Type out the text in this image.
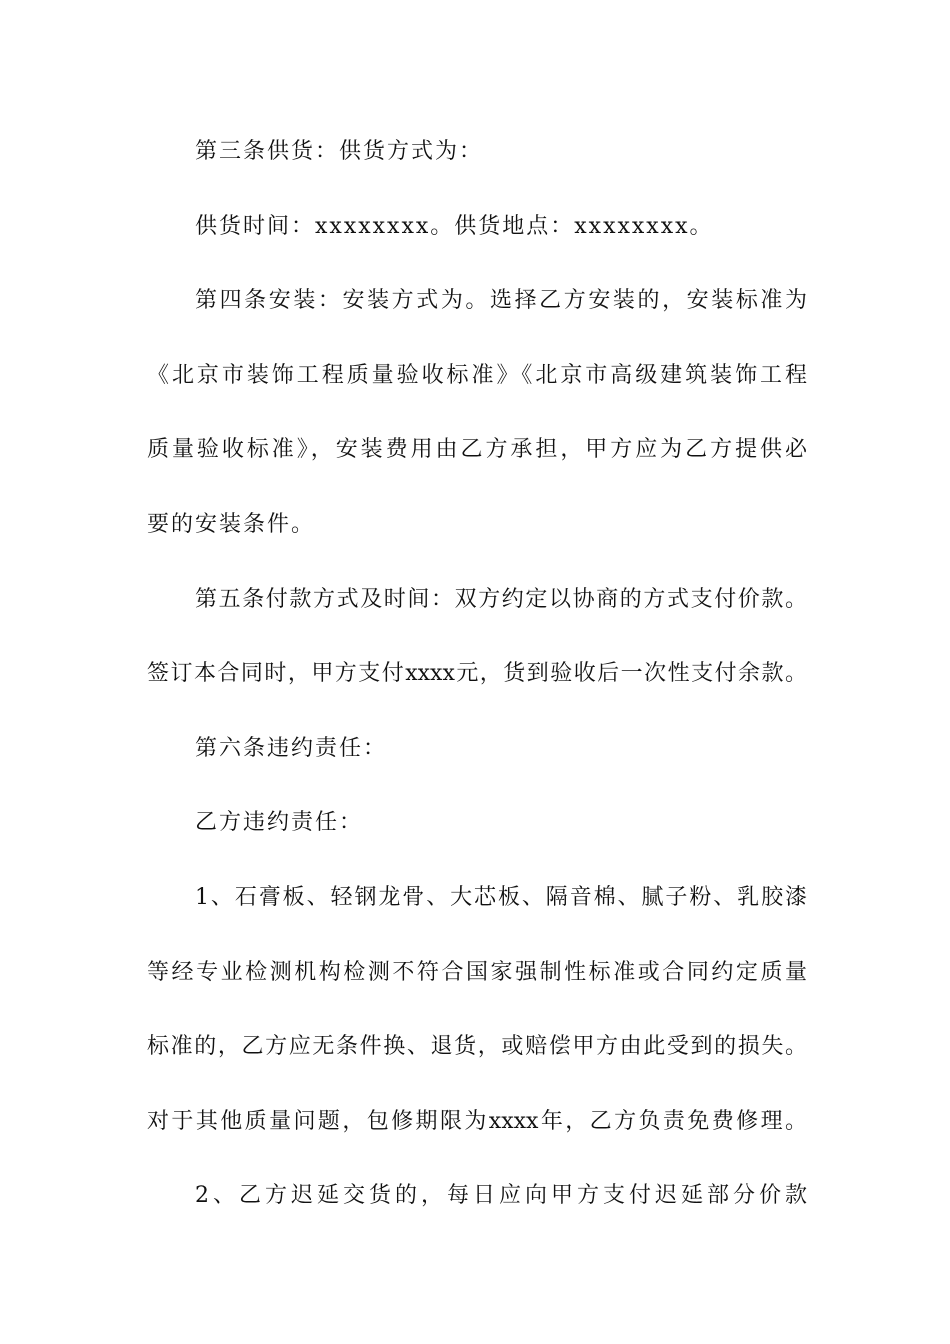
第三条供货：供货方式为：
供货时间：xxxxxxxx。供货地点：xxxxxxxx。
第四条安装：安装方式为。选择乙方安装的，安装标准为
《北京市装饰工程质量验收标准》《北京市高级建筑装饰工程
质量验收标准》，安装费用由乙方承担，甲方应为乙方提供必
要的安装条件。
第五条付款方式及时间：双方约定以协商的方式支付价款。
签订本合同时，甲方支付xxxx元，货到验收后一次性支付余款。
第六条违约责任：
乙方违约责任：
1、石膏板、轻钢龙骨、大芯板、隔音棉、腻子粉、乳胶漆
等经专业检测机构检测不符合国家强制性标准或合同约定质量
标准的，乙方应无条件换、退货，或赔偿甲方由此受到的损失。
对于其他质量问题，包修期限为xxxx年，乙方负责免费修理。
2、乙方迟延交货的，每日应向甲方支付迟延部分价款
